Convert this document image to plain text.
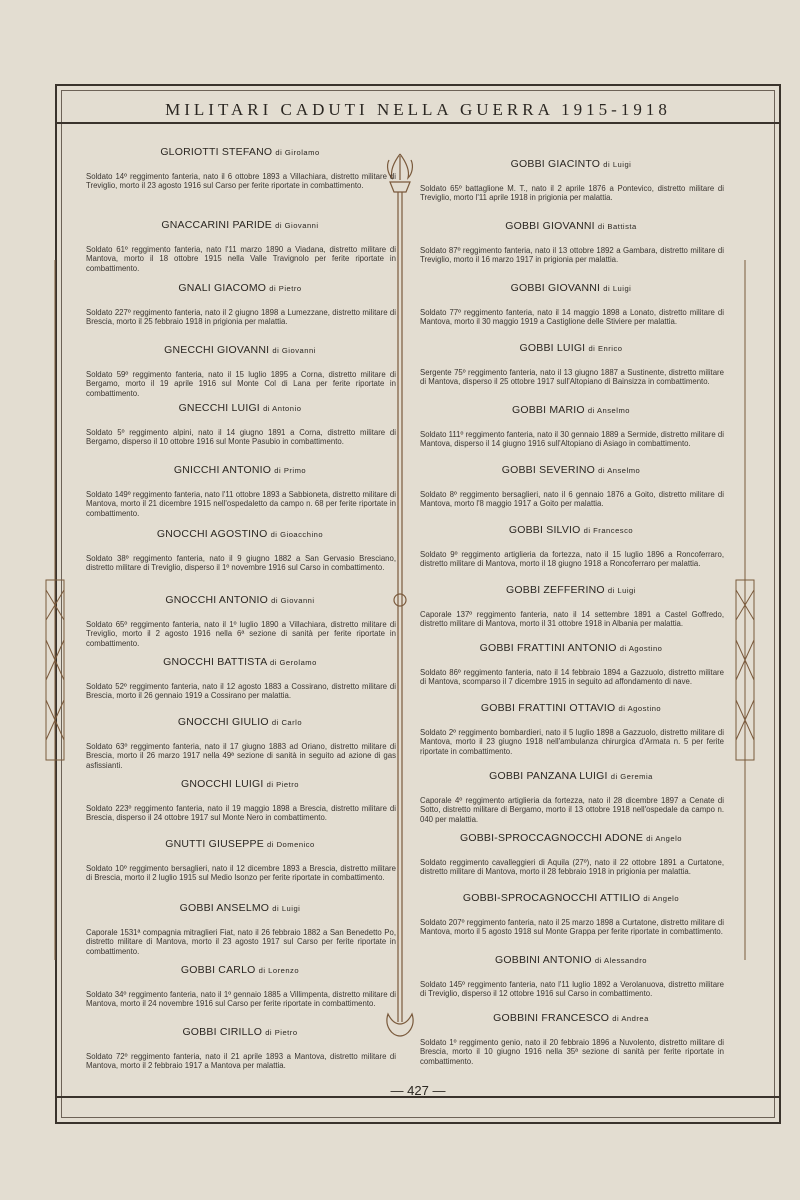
MILITARI CADUTI NELLA GUERRA 1915-1918

GLORIOTTI STEFANO di Girolamo

Soldato 14º reggimento fanteria, nato il 6 ottobre 1893 a Villachiara, distretto militare di Treviglio, morto il 23 agosto 1916 sul Carso per ferite riportate in combattimento.

GNACCARINI PARIDE di Giovanni

Soldato 61º reggimento fanteria, nato l'11 marzo 1890 a Viadana, distretto militare di Mantova, morto il 18 ottobre 1915 nella Valle Travignolo per ferite riportate in combattimento.

GNALI GIACOMO di Pietro

Soldato 227º reggimento fanteria, nato il 2 giugno 1898 a Lumezzane, distretto militare di Brescia, morto il 25 febbraio 1918 in prigionia per malattia.

GNECCHI GIOVANNI di Giovanni

Soldato 59º reggimento fanteria, nato il 15 luglio 1895 a Corna, distretto militare di Bergamo, morto il 19 aprile 1916 sul Monte Col di Lana per ferite riportate in combattimento.

GNECCHI LUIGI di Antonio

Soldato 5º reggimento alpini, nato il 14 giugno 1891 a Corna, distretto militare di Bergamo, disperso il 10 ottobre 1916 sul Monte Pasubio in combattimento.

GNICCHI ANTONIO di Primo

Soldato 149º reggimento fanteria, nato l'11 ottobre 1893 a Sabbioneta, distretto militare di Mantova, morto il 21 dicembre 1915 nell'ospedaletto da campo n. 68 per ferite riportate in combattimento.

GNOCCHI AGOSTINO di Gioacchino

Soldato 38º reggimento fanteria, nato il 9 giugno 1882 a San Gervasio Bresciano, distretto militare di Treviglio, disperso il 1º novembre 1916 sul Carso in combattimento.

GNOCCHI ANTONIO di Giovanni

Soldato 65º reggimento fanteria, nato il 1º luglio 1890 a Villachiara, distretto militare di Treviglio, morto il 2 agosto 1916 nella 6ª sezione di sanità per ferite riportate in combattimento.

GNOCCHI BATTISTA di Gerolamo

Soldato 52º reggimento fanteria, nato il 12 agosto 1883 a Cossirano, distretto militare di Brescia, morto il 26 gennaio 1919 a Cossirano per malattia.

GNOCCHI GIULIO di Carlo

Soldato 63º reggimento fanteria, nato il 17 giugno 1883 ad Oriano, distretto militare di Brescia, morto il 26 marzo 1917 nella 49ª sezione di sanità in seguito ad azione di gas asfissianti.

GNOCCHI LUIGI di Pietro

Soldato 223º reggimento fanteria, nato il 19 maggio 1898 a Brescia, distretto militare di Brescia, disperso il 24 ottobre 1917 sul Monte Nero in combattimento.

GNUTTI GIUSEPPE di Domenico

Soldato 10º reggimento bersaglieri, nato il 12 dicembre 1893 a Brescia, distretto militare di Brescia, morto il 2 luglio 1915 sul Medio Isonzo per ferite riportate in combattimento.

GOBBI ANSELMO di Luigi

Caporale 1531ª compagnia mitraglieri Fiat, nato il 26 febbraio 1882 a San Benedetto Po, distretto militare di Mantova, morto il 23 agosto 1917 sul Carso per ferite riportate in combattimento.

GOBBI CARLO di Lorenzo

Soldato 34º reggimento fanteria, nato il 1º gennaio 1885 a Villimpenta, distretto militare di Mantova, morto il 24 novembre 1916 sul Carso per ferite riportate in combattimento.

GOBBI CIRILLO di Pietro

Soldato 72º reggimento fanteria, nato il 21 aprile 1893 a Mantova, distretto militare di Mantova, morto il 2 febbraio 1917 a Mantova per malattia.

GOBBI GIACINTO di Luigi

Soldato 65º battaglione M. T., nato il 2 aprile 1876 a Pontevico, distretto militare di Treviglio, morto l'11 aprile 1918 in prigionia per malattia.

GOBBI GIOVANNI di Battista

Soldato 87º reggimento fanteria, nato il 13 ottobre 1892 a Gambara, distretto militare di Treviglio, morto il 16 marzo 1917 in prigionia per malattia.

GOBBI GIOVANNI di Luigi

Soldato 77º reggimento fanteria, nato il 14 maggio 1898 a Lonato, distretto militare di Mantova, morto il 30 maggio 1919 a Castiglione delle Stiviere per malattia.

GOBBI LUIGI di Enrico

Sergente 75º reggimento fanteria, nato il 13 giugno 1887 a Sustinente, distretto militare di Mantova, disperso il 25 ottobre 1917 sull'Altopiano di Bainsizza in combattimento.

GOBBI MARIO di Anselmo

Soldato 111º reggimento fanteria, nato il 30 gennaio 1889 a Sermide, distretto militare di Mantova, disperso il 14 giugno 1916 sull'Altopiano di Asiago in combattimento.

GOBBI SEVERINO di Anselmo

Soldato 8º reggimento bersaglieri, nato il 6 gennaio 1876 a Goito, distretto militare di Mantova, morto l'8 maggio 1917 a Goito per malattia.

GOBBI SILVIO di Francesco

Soldato 9º reggimento artiglieria da fortezza, nato il 15 luglio 1896 a Roncoferraro, distretto militare di Mantova, morto il 18 giugno 1918 a Roncoferraro per malattia.

GOBBI ZEFFERINO di Luigi

Caporale 137º reggimento fanteria, nato il 14 settembre 1891 a Castel Goffredo, distretto militare di Mantova, morto il 31 ottobre 1918 in Albania per malattia.

GOBBI FRATTINI ANTONIO di Agostino

Soldato 86º reggimento fanteria, nato il 14 febbraio 1894 a Gazzuolo, distretto militare di Mantova, scomparso il 7 dicembre 1915 in seguito ad affondamento di nave.

GOBBI FRATTINI OTTAVIO di Agostino

Soldato 2º reggimento bombardieri, nato il 5 luglio 1898 a Gazzuolo, distretto militare di Mantova, morto il 23 giugno 1918 nell'ambulanza chirurgica d'Armata n. 5 per ferite riportate in combattimento.

GOBBI PANZANA LUIGI di Geremia

Caporale 4º reggimento artiglieria da fortezza, nato il 28 dicembre 1897 a Cenate di Sotto, distretto militare di Bergamo, morto il 13 ottobre 1918 nell'ospedale da campo n. 040 per malattia.

GOBBI-SPROCCAGNOCCHI ADONE di Angelo

Soldato reggimento cavalleggieri di Aquila (27º), nato il 22 ottobre 1891 a Curtatone, distretto militare di Mantova, morto il 28 febbraio 1918 in prigionia per malattia.

GOBBI-SPROCAGNOCCHI ATTILIO di Angelo

Soldato 207º reggimento fanteria, nato il 25 marzo 1898 a Curtatone, distretto militare di Mantova, morto il 5 agosto 1918 sul Monte Grappa per ferite riportate in combattimento.

GOBBINI ANTONIO di Alessandro

Soldato 145º reggimento fanteria, nato l'11 luglio 1892 a Verolanuova, distretto militare di Treviglio, disperso il 12 ottobre 1916 sul Carso in combattimento.

GOBBINI FRANCESCO di Andrea

Soldato 1º reggimento genio, nato il 20 febbraio 1896 a Nuvolento, distretto militare di Brescia, morto il 10 giugno 1916 nella 35ª sezione di sanità per ferite riportate in combattimento.

— 427 —
